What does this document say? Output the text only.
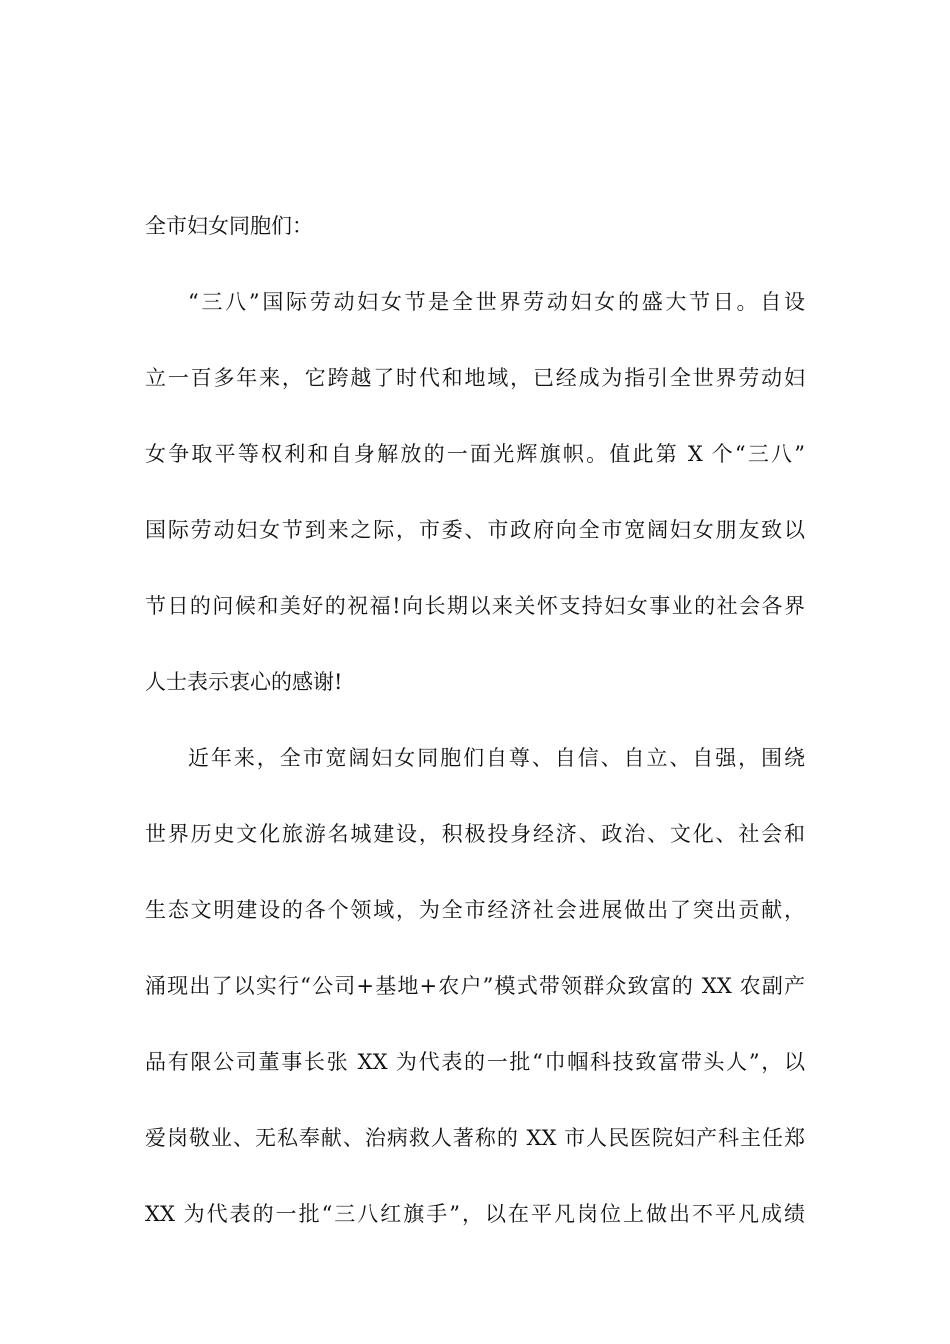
全市妇女同胞们：
“三八”国际劳动妇女节是全世界劳动妇女的盛大节日。自设
立一百多年来，它跨越了时代和地域，已经成为指引全世界劳动妇
女争取平等权利和自身解放的一面光辉旗帜。值此第 X 个“三八”
国际劳动妇女节到来之际，市委、市政府向全市宽阔妇女朋友致以
节日的问候和美好的祝福!向长期以来关怀支持妇女事业的社会各界
人士表示衷心的感谢!
近年来，全市宽阔妇女同胞们自尊、自信、自立、自强，围绕
世界历史文化旅游名城建设，积极投身经济、政治、文化、社会和
生态文明建设的各个领域，为全市经济社会进展做出了突出贡献，
涌现出了以实行“公司+基地+农户”模式带领群众致富的 XX 农副产
品有限公司董事长张 XX 为代表的一批“巾帼科技致富带头人”，以
爱岗敬业、无私奉献、治病救人著称的 XX 市人民医院妇产科主任郑
XX 为代表的一批“三八红旗手”，以在平凡岗位上做出不平凡成绩
